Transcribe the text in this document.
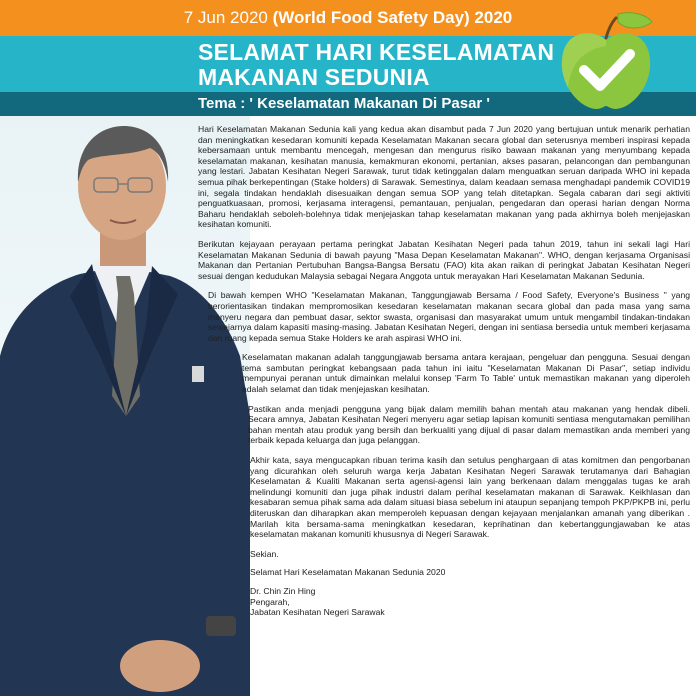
7 Jun 2020 (World Food Safety Day) 2020
SELAMAT HARI KESELAMATAN
MAKANAN SEDUNIA
Tema : ' Keselamatan Makanan Di Pasar '

Hari Keselamatan Makanan Sedunia kali yang kedua akan disambut pada 7 Jun 2020 yang bertujuan untuk menarik perhatian dan meningkatkan kesedaran komuniti kepada Keselamatan Makanan secara global dan seterusnya memberi inspirasi kepada kebersamaan untuk membantu mencegah, mengesan dan mengurus risiko bawaan makanan yang menyumbang kepada keselamatan makanan, kesihatan manusia, kemakmuran ekonomi, pertanian, akses pasaran, pelancongan dan pembangunan yang lestari. Jabatan Kesihatan Negeri Sarawak, turut tidak ketinggalan dalam menguatkan seruan daripada WHO ini kepada semua pihak berkepentingan (Stake holders) di Sarawak. Semestinya, dalam keadaan semasa menghadapi pandemik COVID19 ini, segala tindakan hendaklah disesuaikan dengan semua SOP yang telah ditetapkan. Segala cabaran dari segi aktiviti penguatkuasaan, promosi, kerjasama interagensi, pemantauan, penjualan, pengedaran dan operasi harian dengan Norma Baharu hendaklah seboleh-bolehnya tidak menjejaskan tahap keselamatan makanan yang pada akhirnya boleh menjejaskan kesihatan komuniti.

Berikutan kejayaan perayaan pertama peringkat Jabatan Kesihatan Negeri pada tahun 2019, tahun ini sekali lagi Hari Keselamatan Makanan Sedunia di bawah payung "Masa Depan Keselamatan Makanan". WHO, dengan kerjasama Organisasi Makanan dan Pertanian Pertubuhan Bangsa-Bangsa Bersatu (FAO) kita akan raikan di peringkat Jabatan Kesihatan Negeri sesuai dengan kedudukan Malaysia sebagai Negara Anggota untuk merayakan Hari Keselamatan Makanan Sedunia.

Di bawah kempen WHO "Keselamatan Makanan, Tanggungjawab Bersama / Food Safety, Everyone's Business " yang berorientasikan tindakan mempromosikan kesedaran keselamatan makanan secara global dan pada masa yang sama menyeru negara dan pembuat dasar, sektor swasta, organisasi dan masyarakat umum untuk mengambil tindakan-tindakan sewajarnya dalam kapasiti masing-masing. Jabatan Kesihatan Negeri, dengan ini sentiasa bersedia untuk memberi kerjasama dan ruang kepada semua Stake Holders ke arah aspirasi WHO ini.

Keselamatan makanan adalah tanggungjawab bersama antara kerajaan, pengeluar dan pengguna. Sesuai dengan tema sambutan peringkat kebangsaan pada tahun ini iaitu "Keselamatan Makanan Di Pasar", setiap individu mempunyai peranan untuk dimainkan melalui konsep 'Farm To Table' untuk memastikan makanan yang diperoleh adalah selamat dan tidak menjejaskan kesihatan.

Pastikan anda menjadi pengguna yang bijak dalam memilih bahan mentah atau makanan yang hendak dibeli. Secara amnya, Jabatan Kesihatan Negeri menyeru agar setiap lapisan komuniti sentiasa mengutamakan pemilihan bahan mentah atau produk yang bersih dan berkualiti yang dijual di pasar dalam memastikan anda memberi yang terbaik kepada keluarga dan juga pelanggan.

Akhir kata, saya mengucapkan ribuan terima kasih dan setulus penghargaan di atas komitmen dan pengorbanan yang dicurahkan oleh seluruh warga kerja Jabatan Kesihatan Negeri Sarawak terutamanya dari Bahagian Keselamatan & Kualiti Makanan serta agensi-agensi lain yang berkenaan dalam menggalas tugas ke arah melindungi komuniti dan juga pihak industri dalam perihal keselamatan makanan di Sarawak. Keikhlasan dan kesabaran semua pihak sama ada dalam situasi biasa sebelum ini ataupun sepanjang tempoh PKP/PKPB ini, perlu diteruskan dan diharapkan akan memperoleh kepuasan dengan kejayaan menjalankan amanah yang diberikan . Marilah kita bersama-sama meningkatkan kesedaran, keprihatinan dan kebertanggungjawaban ke atas keselamatan makanan komuniti khususnya di Negeri Sarawak.

Sekian.

Selamat Hari Keselamatan Makanan Sedunia 2020

Dr. Chin Zin Hing

Pengarah,

Jabatan Kesihatan Negeri Sarawak
